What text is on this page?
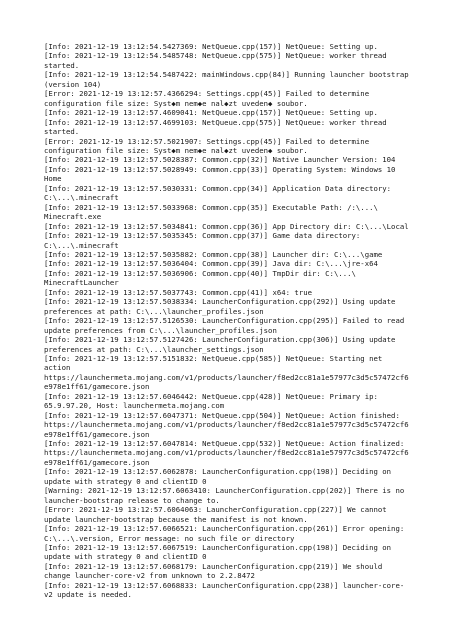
[Info: 2021-12-19 13:12:54.5427369: NetQueue.cpp(157)] NetQueue: Setting up.
[Info: 2021-12-19 13:12:54.5485748: NetQueue.cpp(575)] NetQueue: worker thread
started.
[Info: 2021-12-19 13:12:54.5487422: mainWindows.cpp(84)] Running launcher bootstrap
(version 104)
[Error: 2021-12-19 13:12:57.4366294: Settings.cpp(45)] Failed to determine
configuration file size: Syst◆m nem◆e nal◆zt uveden◆ soubor.
[Info: 2021-12-19 13:12:57.4609041: NetQueue.cpp(157)] NetQueue: Setting up.
[Info: 2021-12-19 13:12:57.4699103: NetQueue.cpp(575)] NetQueue: worker thread
started.
[Error: 2021-12-19 13:12:57.5021907: Settings.cpp(45)] Failed to determine
configuration file size: Syst◆m nem◆e nal◆zt uveden◆ soubor.
[Info: 2021-12-19 13:12:57.5028387: Common.cpp(32)] Native Launcher Version: 104
[Info: 2021-12-19 13:12:57.5028949: Common.cpp(33)] Operating System: Windows 10
Home
[Info: 2021-12-19 13:12:57.5030331: Common.cpp(34)] Application Data directory:
C:\...\.minecraft
[Info: 2021-12-19 13:12:57.5033968: Common.cpp(35)] Executable Path: /:\...\
Minecraft.exe
[Info: 2021-12-19 13:12:57.5034841: Common.cpp(36)] App Directory dir: C:\...\Local
[Info: 2021-12-19 13:12:57.5035345: Common.cpp(37)] Game data directory:
C:\...\.minecraft
[Info: 2021-12-19 13:12:57.5035882: Common.cpp(38)] Launcher dir: C:\...\game
[Info: 2021-12-19 13:12:57.5036404: Common.cpp(39)] Java dir: C:\...\jre-x64
[Info: 2021-12-19 13:12:57.5036906: Common.cpp(40)] TmpDir dir: C:\...\
MinecraftLauncher
[Info: 2021-12-19 13:12:57.5037743: Common.cpp(41)] x64: true
[Info: 2021-12-19 13:12:57.5038334: LauncherConfiguration.cpp(292)] Using update
preferences at path: C:\...\launcher_profiles.json
[Info: 2021-12-19 13:12:57.5126530: LauncherConfiguration.cpp(295)] Failed to read
update preferences from C:\...\launcher_profiles.json
[Info: 2021-12-19 13:12:57.5127426: LauncherConfiguration.cpp(306)] Using update
preferences at path: C:\...\launcher_settings.json
[Info: 2021-12-19 13:12:57.5151832: NetQueue.cpp(585)] NetQueue: Starting net
action
https://launchermeta.mojang.com/v1/products/launcher/f8ed2cc81a1e57977c3d5c57472cf6
e978e1ff61/gamecore.json
[Info: 2021-12-19 13:12:57.6046442: NetQueue.cpp(428)] NetQueue: Primary ip:
65.9.97.20, Host: launchermeta.mojang.com
[Info: 2021-12-19 13:12:57.6047371: NetQueue.cpp(504)] NetQueue: Action finished:
https://launchermeta.mojang.com/v1/products/launcher/f8ed2cc81a1e57977c3d5c57472cf6
e978e1ff61/gamecore.json
[Info: 2021-12-19 13:12:57.6047814: NetQueue.cpp(532)] NetQueue: Action finalized:
https://launchermeta.mojang.com/v1/products/launcher/f8ed2cc81a1e57977c3d5c57472cf6
e978e1ff61/gamecore.json
[Info: 2021-12-19 13:12:57.6062878: LauncherConfiguration.cpp(198)] Deciding on
update with strategy 0 and clientID 0
[Warning: 2021-12-19 13:12:57.6063410: LauncherConfiguration.cpp(202)] There is no
launcher-bootstrap release to change to.
[Error: 2021-12-19 13:12:57.6064063: LauncherConfiguration.cpp(227)] We cannot
update launcher-bootstrap because the manifest is not known.
[Info: 2021-12-19 13:12:57.6066521: LauncherConfiguration.cpp(261)] Error opening:
C:\...\.version, Error message: no such file or directory
[Info: 2021-12-19 13:12:57.6067519: LauncherConfiguration.cpp(198)] Deciding on
update with strategy 0 and clientID 0
[Info: 2021-12-19 13:12:57.6068179: LauncherConfiguration.cpp(219)] We should
change launcher-core-v2 from unknown to 2.2.8472
[Info: 2021-12-19 13:12:57.6068833: LauncherConfiguration.cpp(238)] launcher-core-
v2 update is needed.
